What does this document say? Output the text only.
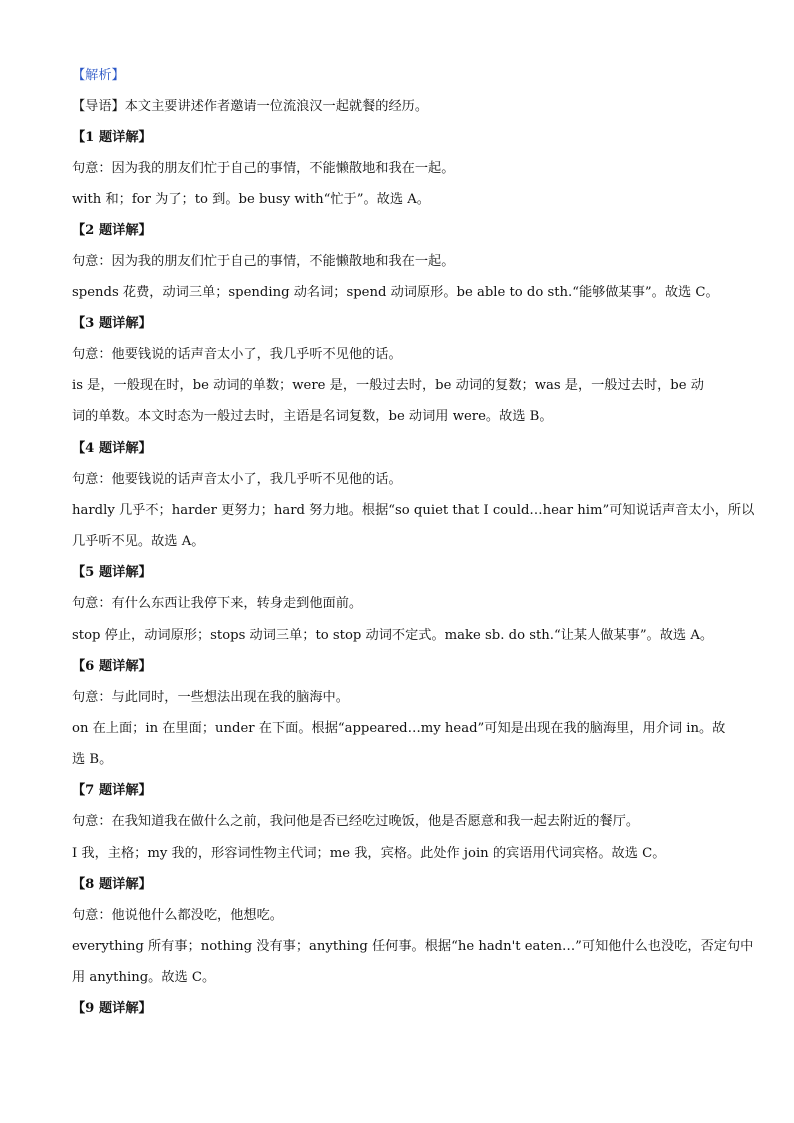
【解析】
【导语】本文主要讲述作者邀请一位流浪汉一起就餐的经历。
【1 题详解】
句意：因为我的朋友们忙于自己的事情，不能懒散地和我在一起。
with 和；for 为了；to 到。be busy with“忙于”。故选 A。
【2 题详解】
句意：因为我的朋友们忙于自己的事情，不能懒散地和我在一起。
spends 花费，动词三单；spending 动名词；spend 动词原形。be able to do sth.“能够做某事”。故选 C。
【3 题详解】
句意：他要钱说的话声音太小了，我几乎听不见他的话。
is 是，一般现在时，be 动词的单数；were 是，一般过去时，be 动词的复数；was 是，一般过去时，be 动
词的单数。本文时态为一般过去时，主语是名词复数，be 动词用 were。故选 B。
【4 题详解】
句意：他要钱说的话声音太小了，我几乎听不见他的话。
hardly 几乎不；harder 更努力；hard 努力地。根据“so quiet that I could…hear him”可知说话声音太小，所以
几乎听不见。故选 A。
【5 题详解】
句意：有什么东西让我停下来，转身走到他面前。
stop 停止，动词原形；stops 动词三单；to stop 动词不定式。make sb. do sth.“让某人做某事”。故选 A。
【6 题详解】
句意：与此同时，一些想法出现在我的脑海中。
on 在上面；in 在里面；under 在下面。根据“appeared…my head”可知是出现在我的脑海里，用介词 in。故
选 B。
【7 题详解】
句意：在我知道我在做什么之前，我问他是否已经吃过晚饭，他是否愿意和我一起去附近的餐厅。
I 我，主格；my 我的，形容词性物主代词；me 我，宾格。此处作 join 的宾语用代词宾格。故选 C。
【8 题详解】
句意：他说他什么都没吃，他想吃。
everything 所有事；nothing 没有事；anything 任何事。根据“he hadn't eaten…”可知他什么也没吃，否定句中
用 anything。故选 C。
【9 题详解】
